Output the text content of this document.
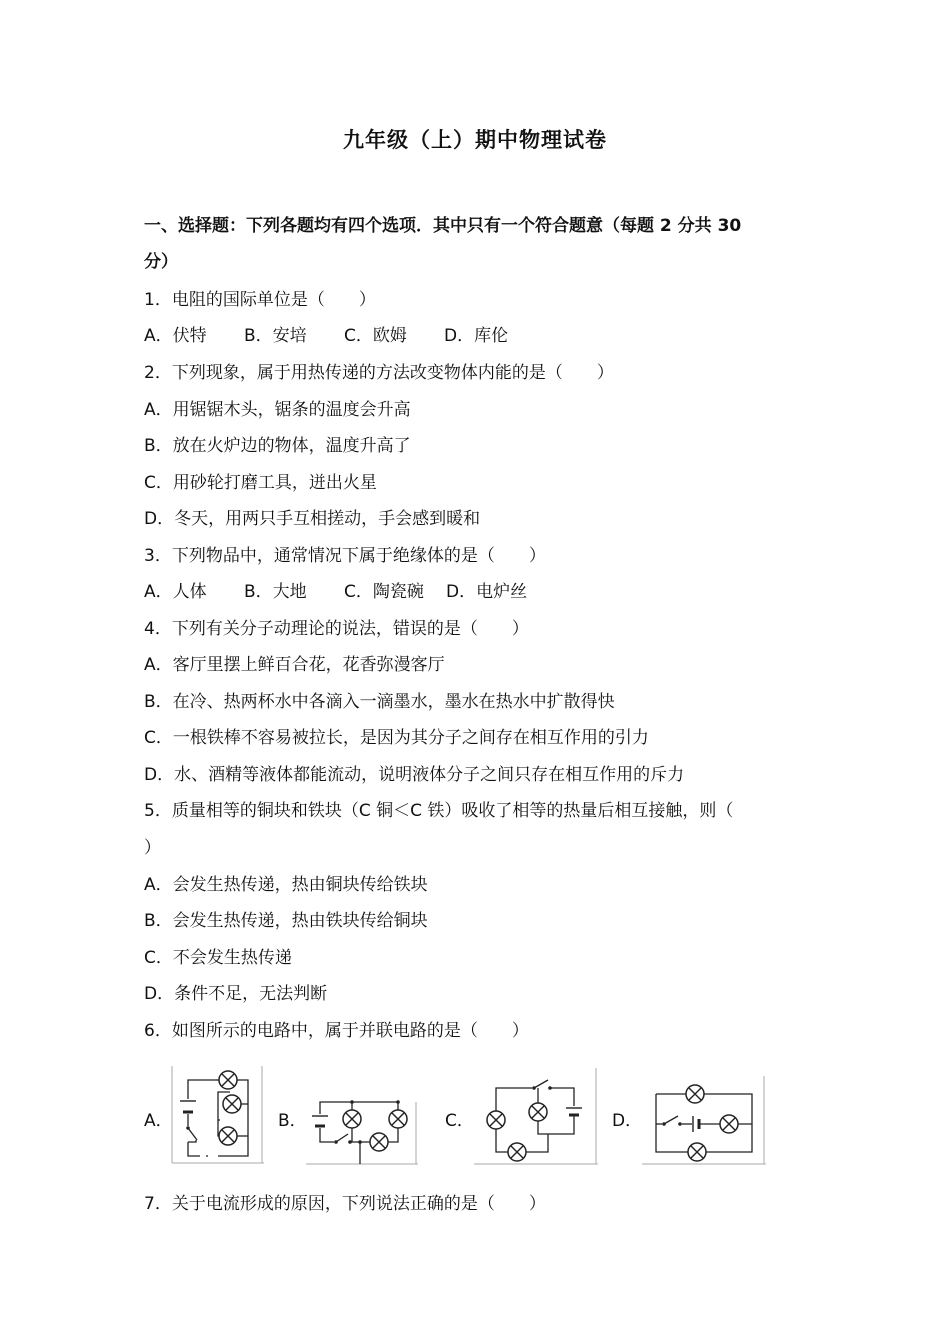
九年级（上）期中物理试卷
一、选择题：下列各题均有四个选项．其中只有一个符合题意（每题 2 分共 30
分）
1．电阻的国际单位是（　　）
A．伏特 B．安培 C．欧姆 D．库伦
2．下列现象，属于用热传递的方法改变物体内能的是（　　）
A．用锯锯木头，锯条的温度会升高
B．放在火炉边的物体，温度升高了
C．用砂轮打磨工具，迸出火星
D．冬天，用两只手互相搓动，手会感到暖和
3．下列物品中，通常情况下属于绝缘体的是（　　）
A．人体 B．大地 C．陶瓷碗 D．电炉丝
4．下列有关分子动理论的说法，错误的是（　　）
A．客厅里摆上鲜百合花，花香弥漫客厅
B．在冷、热两杯水中各滴入一滴墨水，墨水在热水中扩散得快
C．一根铁棒不容易被拉长，是因为其分子之间存在相互作用的引力
D．水、酒精等液体都能流动，说明液体分子之间只存在相互作用的斥力
5．质量相等的铜块和铁块（C 铜＜C 铁）吸收了相等的热量后相互接触，则（
）
A．会发生热传递，热由铜块传给铁块
B．会发生热传递，热由铁块传给铜块
C．不会发生热传递
D．条件不足，无法判断
6．如图所示的电路中，属于并联电路的是（　　）
A．	B．	C．	D．
7．关于电流形成的原因，下列说法正确的是（　　）
